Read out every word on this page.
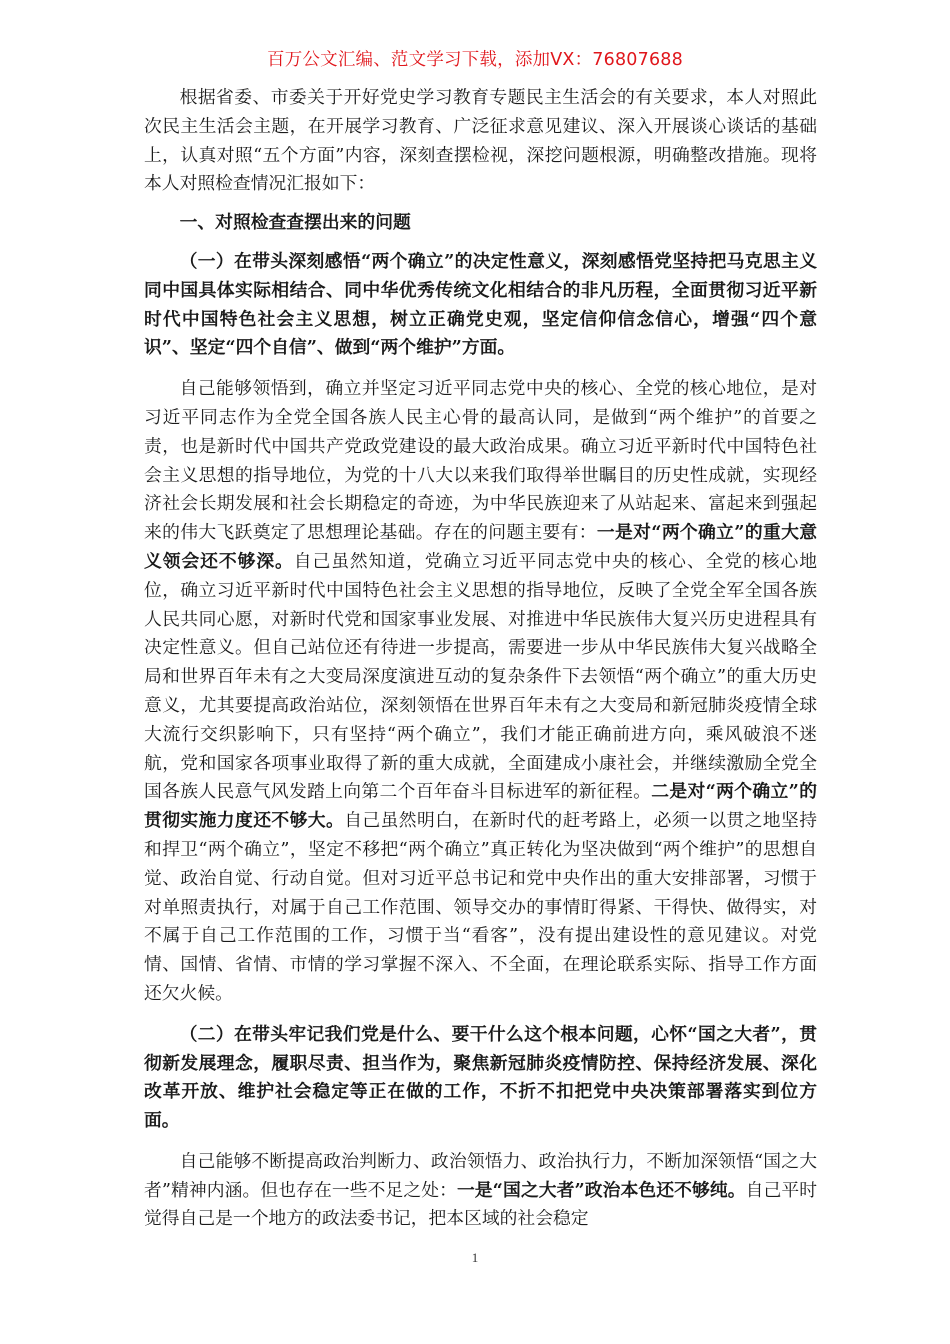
百万公文汇编、范文学习下载，添加VX：76807688

根据省委、市委关于开好党史学习教育专题民主生活会的有关要求，本人对照此次民主生活会主题，在开展学习教育、广泛征求意见建议、深入开展谈心谈话的基础上，认真对照“五个方面”内容，深刻查摆检视，深挖问题根源，明确整改措施。现将本人对照检查情况汇报如下：

一、对照检查查摆出来的问题

（一）在带头深刻感悟“两个确立”的决定性意义，深刻感悟党坚持把马克思主义同中国具体实际相结合、同中华优秀传统文化相结合的非凡历程，全面贯彻习近平新时代中国特色社会主义思想，树立正确党史观，坚定信仰信念信心，增强“四个意识”、坚定“四个自信”、做到“两个维护”方面。

自己能够领悟到，确立并坚定习近平同志党中央的核心、全党的核心地位，是对习近平同志作为全党全国各族人民主心骨的最高认同，是做到“两个维护”的首要之责，也是新时代中国共产党政党建设的最大政治成果。确立习近平新时代中国特色社会主义思想的指导地位，为党的十八大以来我们取得举世瞩目的历史性成就，实现经济社会长期发展和社会长期稳定的奇迹，为中华民族迎来了从站起来、富起来到强起来的伟大飞跃奠定了思想理论基础。存在的问题主要有：一是对“两个确立”的重大意义领会还不够深。自己虽然知道，党确立习近平同志党中央的核心、全党的核心地位，确立习近平新时代中国特色社会主义思想的指导地位，反映了全党全军全国各族人民共同心愿，对新时代党和国家事业发展、对推进中华民族伟大复兴历史进程具有决定性意义。但自己站位还有待进一步提高，需要进一步从中华民族伟大复兴战略全局和世界百年未有之大变局深度演进互动的复杂条件下去领悟“两个确立”的重大历史意义，尤其要提高政治站位，深刻领悟在世界百年未有之大变局和新冠肺炎疫情全球大流行交织影响下，只有坚持“两个确立”，我们才能正确前进方向，乘风破浪不迷航，党和国家各项事业取得了新的重大成就，全面建成小康社会，并继续激励全党全国各族人民意气风发踏上向第二个百年奋斗目标进军的新征程。二是对“两个确立”的贯彻实施力度还不够大。自己虽然明白，在新时代的赶考路上，必须一以贯之地坚持和捍卫“两个确立”，坚定不移把“两个确立”真正转化为坚决做到“两个维护”的思想自觉、政治自觉、行动自觉。但对习近平总书记和党中央作出的重大安排部署，习惯于对单照责执行，对属于自己工作范围、领导交办的事情盯得紧、干得快、做得实，对不属于自己工作范围的工作，习惯于当“看客”，没有提出建设性的意见建议。对党情、国情、省情、市情的学习掌握不深入、不全面，在理论联系实际、指导工作方面还欠火候。

（二）在带头牢记我们党是什么、要干什么这个根本问题，心怀“国之大者”，贯彻新发展理念，履职尽责、担当作为，聚焦新冠肺炎疫情防控、保持经济发展、深化改革开放、维护社会稳定等正在做的工作，不折不扣把党中央决策部署落实到位方面。

自己能够不断提高政治判断力、政治领悟力、政治执行力，不断加深领悟“国之大者”精神内涵。但也存在一些不足之处：一是“国之大者”政治本色还不够纯。自己平时觉得自己是一个地方的政法委书记，把本区域的社会稳定

1
